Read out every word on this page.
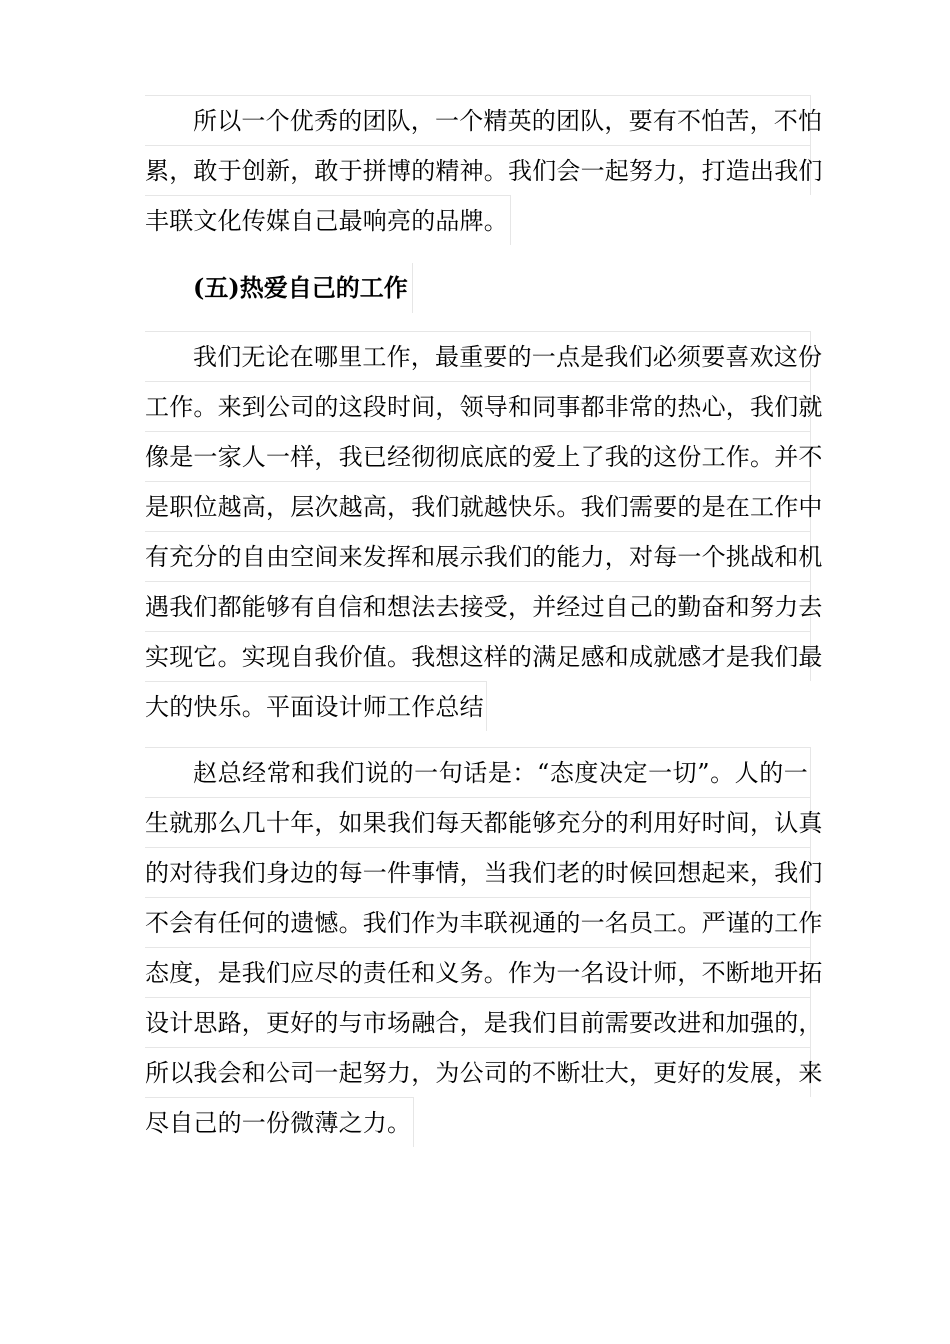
所以一个优秀的团队，一个精英的团队，要有不怕苦，不怕
累，敢于创新，敢于拼博的精神。我们会一起努力，打造出我们
丰联文化传媒自己最响亮的品牌。
(五)热爱自己的工作
我们无论在哪里工作，最重要的一点是我们必须要喜欢这份
工作。来到公司的这段时间，领导和同事都非常的热心，我们就
像是一家人一样，我已经彻彻底底的爱上了我的这份工作。并不
是职位越高，层次越高，我们就越快乐。我们需要的是在工作中
有充分的自由空间来发挥和展示我们的能力，对每一个挑战和机
遇我们都能够有自信和想法去接受，并经过自己的勤奋和努力去
实现它。实现自我价值。我想这样的满足感和成就感才是我们最
大的快乐。平面设计师工作总结
赵总经常和我们说的一句话是：“态度决定一切”。人的一
生就那么几十年，如果我们每天都能够充分的利用好时间，认真
的对待我们身边的每一件事情，当我们老的时候回想起来，我们
不会有任何的遗憾。我们作为丰联视通的一名员工。严谨的工作
态度，是我们应尽的责任和义务。作为一名设计师，不断地开拓
设计思路，更好的与市场融合，是我们目前需要改进和加强的，
所以我会和公司一起努力，为公司的不断壮大，更好的发展，来
尽自己的一份微薄之力。
